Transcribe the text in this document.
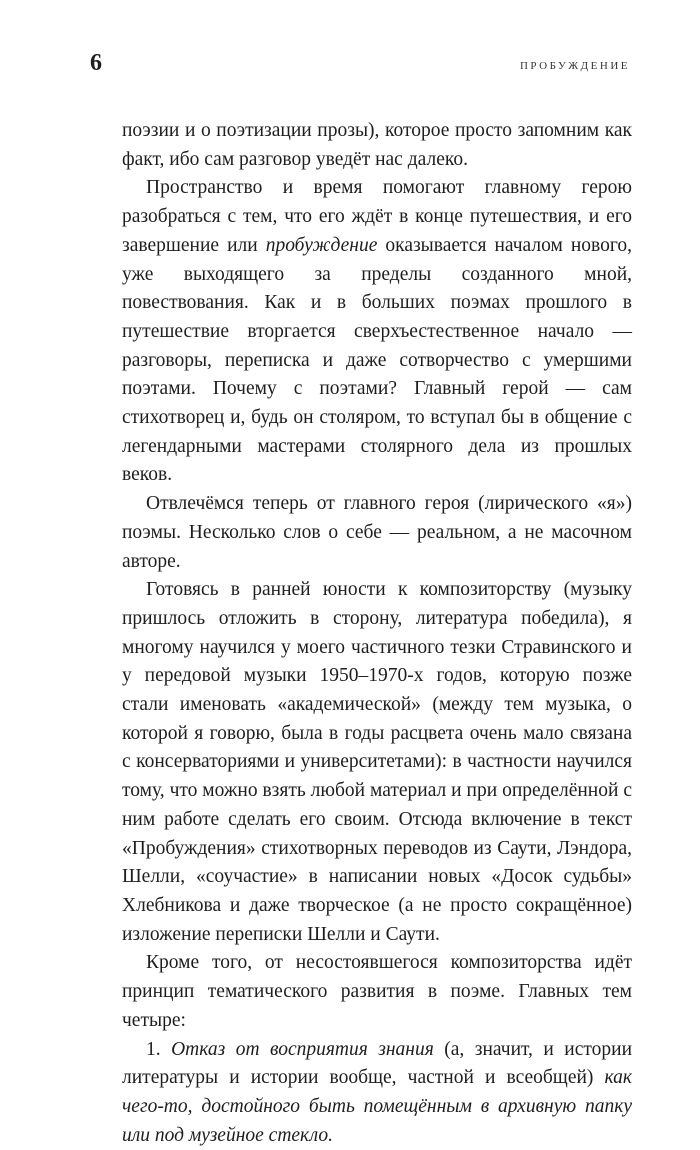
6	ПРОБУЖДЕНИЕ

поэзии и о поэтизации прозы), которое просто запомним как факт, ибо сам разговор уведёт нас далеко.

Пространство и время помогают главному герою разобраться с тем, что его ждёт в конце путешествия, и его завершение или пробуждение оказывается началом нового, уже выходящего за пределы созданного мной, повествования. Как и в больших поэмах прошлого в путешествие вторгается сверхъестественное начало — разговоры, переписка и даже сотворчество с умершими поэтами. Почему с поэтами? Главный герой — сам стихотворец и, будь он столяром, то вступал бы в общение с легендарными мастерами столярного дела из прошлых веков.

Отвлечёмся теперь от главного героя (лирического «я») поэмы. Несколько слов о себе — реальном, а не масочном авторе.

Готовясь в ранней юности к композиторству (музыку пришлось отложить в сторону, литература победила), я многому научился у моего частичного тезки Стравинского и у передовой музыки 1950–1970-х годов, которую позже стали именовать «академической» (между тем музыка, о которой я говорю, была в годы расцвета очень мало связана с консерваториями и университетами): в частности научился тому, что можно взять любой материал и при определённой с ним работе сделать его своим. Отсюда включение в текст «Пробуждения» стихотворных переводов из Саути, Лэндора, Шелли, «соучастие» в написании новых «Досок судьбы» Хлебникова и даже творческое (а не просто сокращённое) изложение переписки Шелли и Саути.

Кроме того, от несостоявшегося композиторства идёт принцип тематического развития в поэме. Главных тем четыре:

1. Отказ от восприятия знания (а, значит, и истории литературы и истории вообще, частной и всеобщей) как чего-то, достойного быть помещённым в архивную папку или под музейное стекло.
